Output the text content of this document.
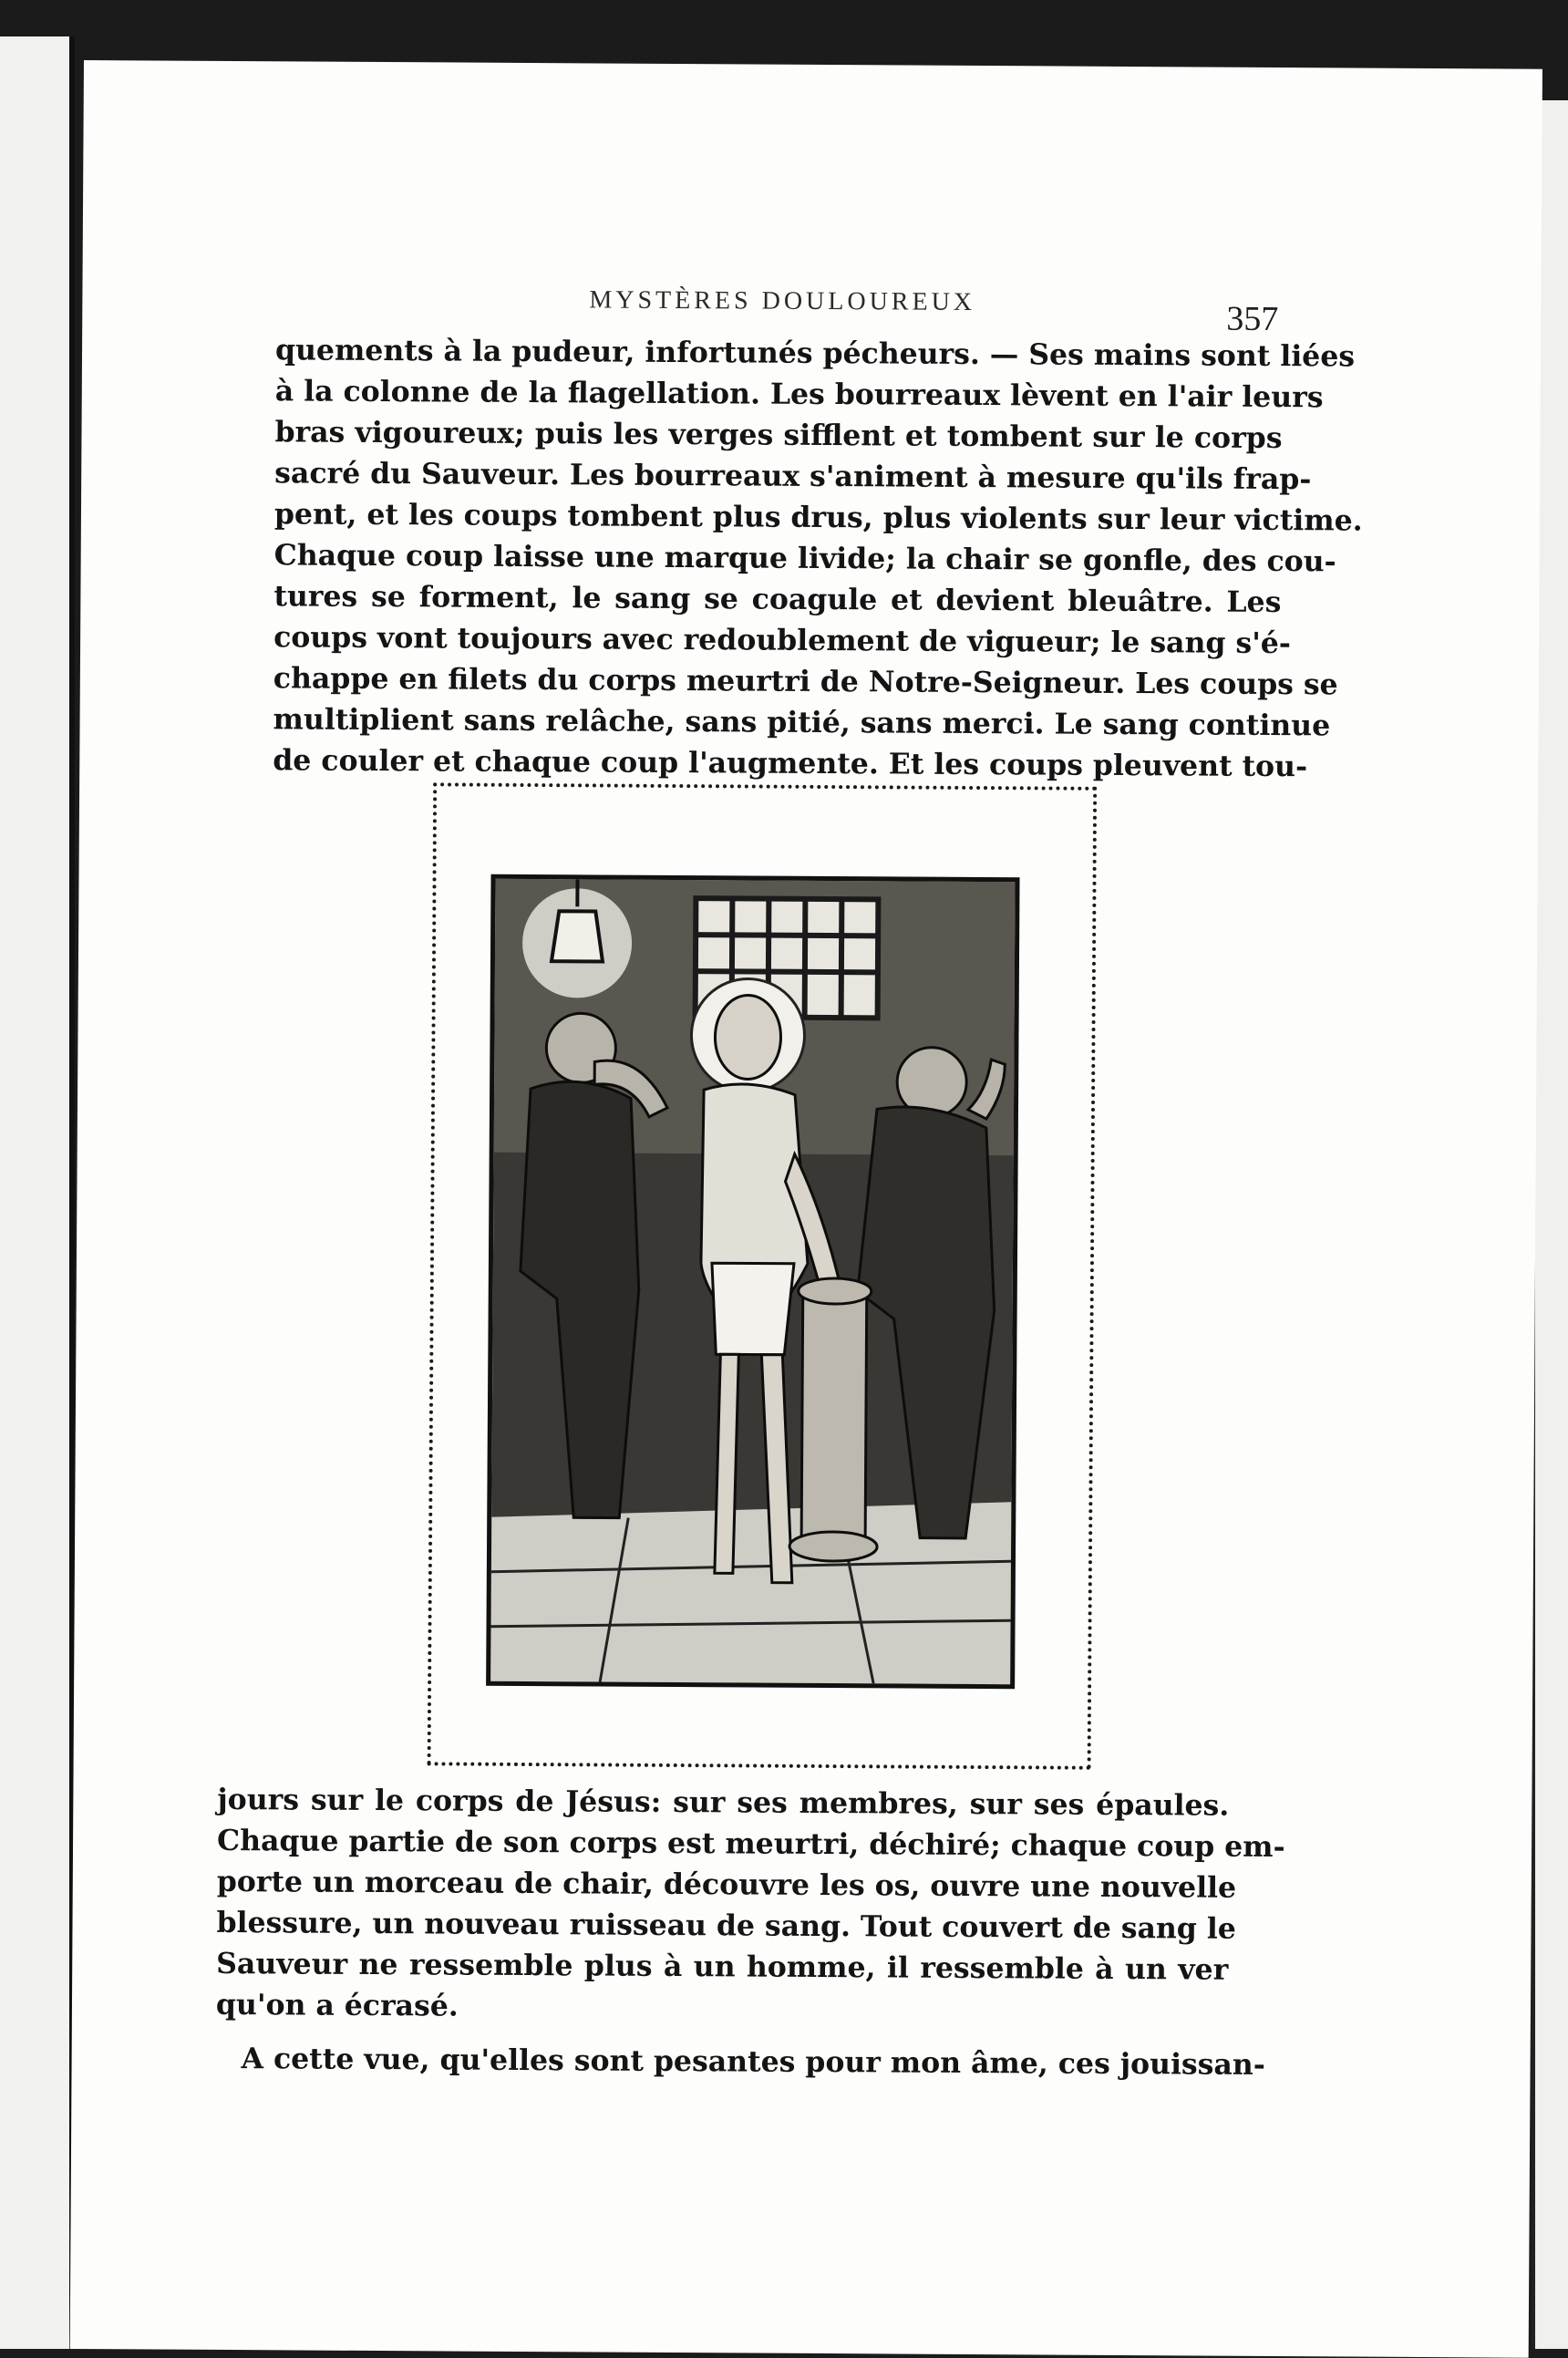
MYSTÈRES DOULOUREUX	357
quements à la pudeur, infortunés pécheurs. — Ses mains sont liées
à la colonne de la flagellation. Les bourreaux lèvent en l'air leurs
bras vigoureux; puis les verges sifflent et tombent sur le corps
sacré du Sauveur. Les bourreaux s'animent à mesure qu'ils frap-
pent, et les coups tombent plus drus, plus violents sur leur victime.
Chaque coup laisse une marque livide; la chair se gonfle, des cou-
tures se forment, le sang se coagule et devient bleuâtre. Les
coups vont toujours avec redoublement de vigueur; le sang s'é-
chappe en filets du corps meurtri de Notre-Seigneur. Les coups se
multiplient sans relâche, sans pitié, sans merci. Le sang continue
de couler et chaque coup l'augmente. Et les coups pleuvent tou-
jours sur le corps de Jésus: sur ses membres, sur ses épaules.
Chaque partie de son corps est meurtri, déchiré; chaque coup em-
porte un morceau de chair, découvre les os, ouvre une nouvelle
blessure, un nouveau ruisseau de sang. Tout couvert de sang le
Sauveur ne ressemble plus à un homme, il ressemble à un ver
qu'on a écrasé.
A cette vue, qu'elles sont pesantes pour mon âme, ces jouissan-
